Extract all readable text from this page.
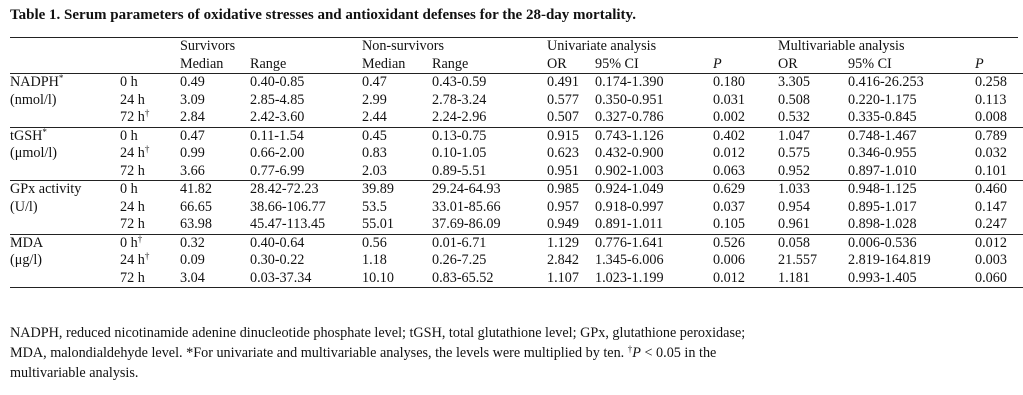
Table 1. Serum parameters of oxidative stresses and antioxidant defenses for the 28-day mortality.
		Survivors		Non-survivors		Univariate analysis			Multivariable analysis		
		Median	Range	Median	Range	OR	95% CI	P	OR	95% CI	P
NADPH*	0 h	0.49	0.40-0.85	0.47	0.43-0.59	0.491	0.174-1.390	0.180	3.305	0.416-26.253	0.258
(nmol/l)	24 h	3.09	2.85-4.85	2.99	2.78-3.24	0.577	0.350-0.951	0.031	0.508	0.220-1.175	0.113
	72 h†	2.84	2.42-3.60	2.44	2.24-2.96	0.507	0.327-0.786	0.002	0.532	0.335-0.845	0.008
tGSH*	0 h	0.47	0.11-1.54	0.45	0.13-0.75	0.915	0.743-1.126	0.402	1.047	0.748-1.467	0.789
(μmol/l)	24 h†	0.99	0.66-2.00	0.83	0.10-1.05	0.623	0.432-0.900	0.012	0.575	0.346-0.955	0.032
	72 h	3.66	0.77-6.99	2.03	0.89-5.51	0.951	0.902-1.003	0.063	0.952	0.897-1.010	0.101
GPx activity	0 h	41.82	28.42-72.23	39.89	29.24-64.93	0.985	0.924-1.049	0.629	1.033	0.948-1.125	0.460
(U/l)	24 h	66.65	38.66-106.77	53.5	33.01-85.66	0.957	0.918-0.997	0.037	0.954	0.895-1.017	0.147
	72 h	63.98	45.47-113.45	55.01	37.69-86.09	0.949	0.891-1.011	0.105	0.961	0.898-1.028	0.247
MDA	0 h†	0.32	0.40-0.64	0.56	0.01-6.71	1.129	0.776-1.641	0.526	0.058	0.006-0.536	0.012
(μg/l)	24 h†	0.09	0.30-0.22	1.18	0.26-7.25	2.842	1.345-6.006	0.006	21.557	2.819-164.819	0.003
	72 h	3.04	0.03-37.34	10.10	0.83-65.52	1.107	1.023-1.199	0.012	1.181	0.993-1.405	0.060
NADPH, reduced nicotinamide adenine dinucleotide phosphate level; tGSH, total glutathione level; GPx, glutathione peroxidase;
MDA, malondialdehyde level. *For univariate and multivariable analyses, the levels were multiplied by ten. †P < 0.05 in the
multivariable analysis.
